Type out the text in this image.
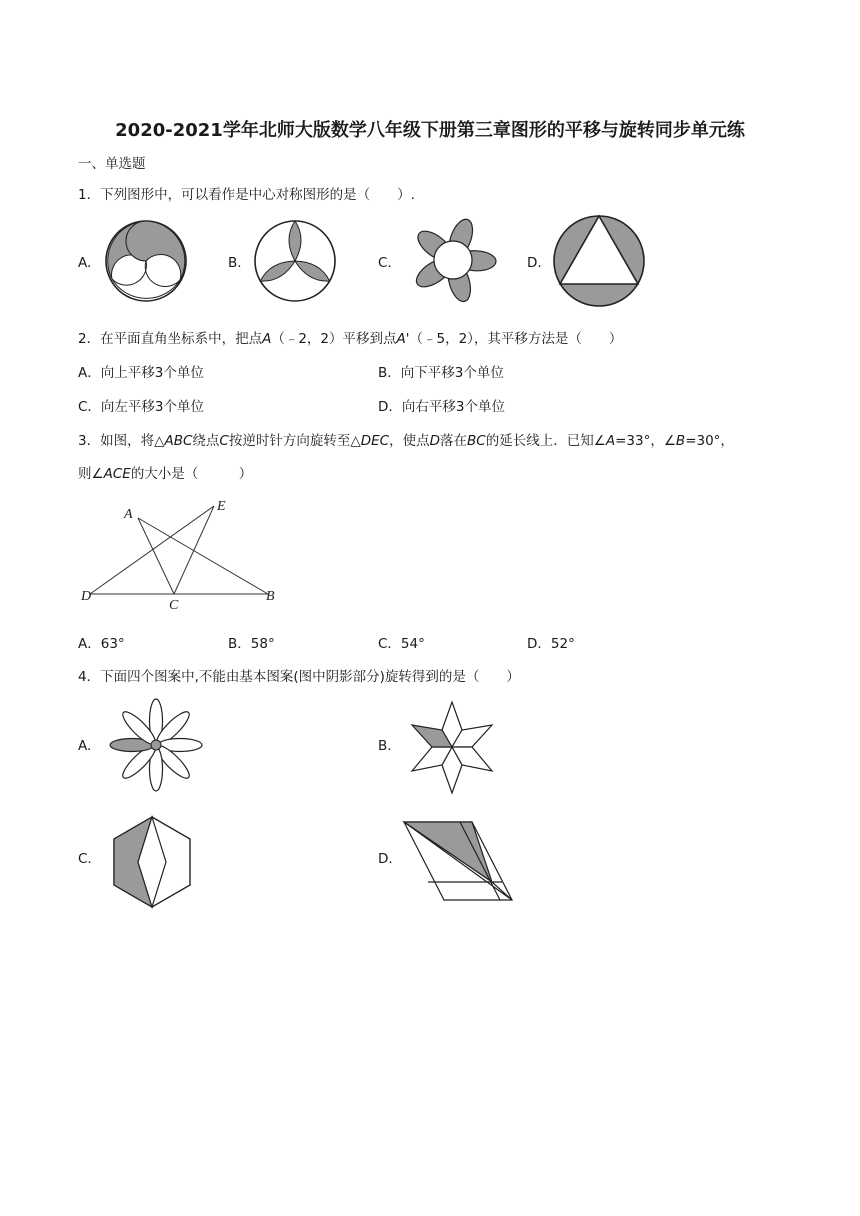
2020-2021学年北师大版数学八年级下册第三章图形的平移与旋转同步单元练
一、单选题
1．下列图形中，可以看作是中心对称图形的是（　　）.
A.	B.	C.	D.
2．在平面直角坐标系中，把点A（﹣2，2）平移到点A'（﹣5，2），其平移方法是（　　）
A．向上平移3个单位	B．向下平移3个单位
C．向左平移3个单位	D．向右平移3个单位
3．如图，将△ABC绕点C按逆时针方向旋转至△DEC，使点D落在BC的延长线上．已知∠A=33°，∠B=30°，
则∠ACE的大小是（　　　）
A
E
D
C
B
A．63°	B．58°	C．54°	D．52°
4．下面四个图案中,不能由基本图案(图中阴影部分)旋转得到的是（　　）
A.	B.
C.	D.
